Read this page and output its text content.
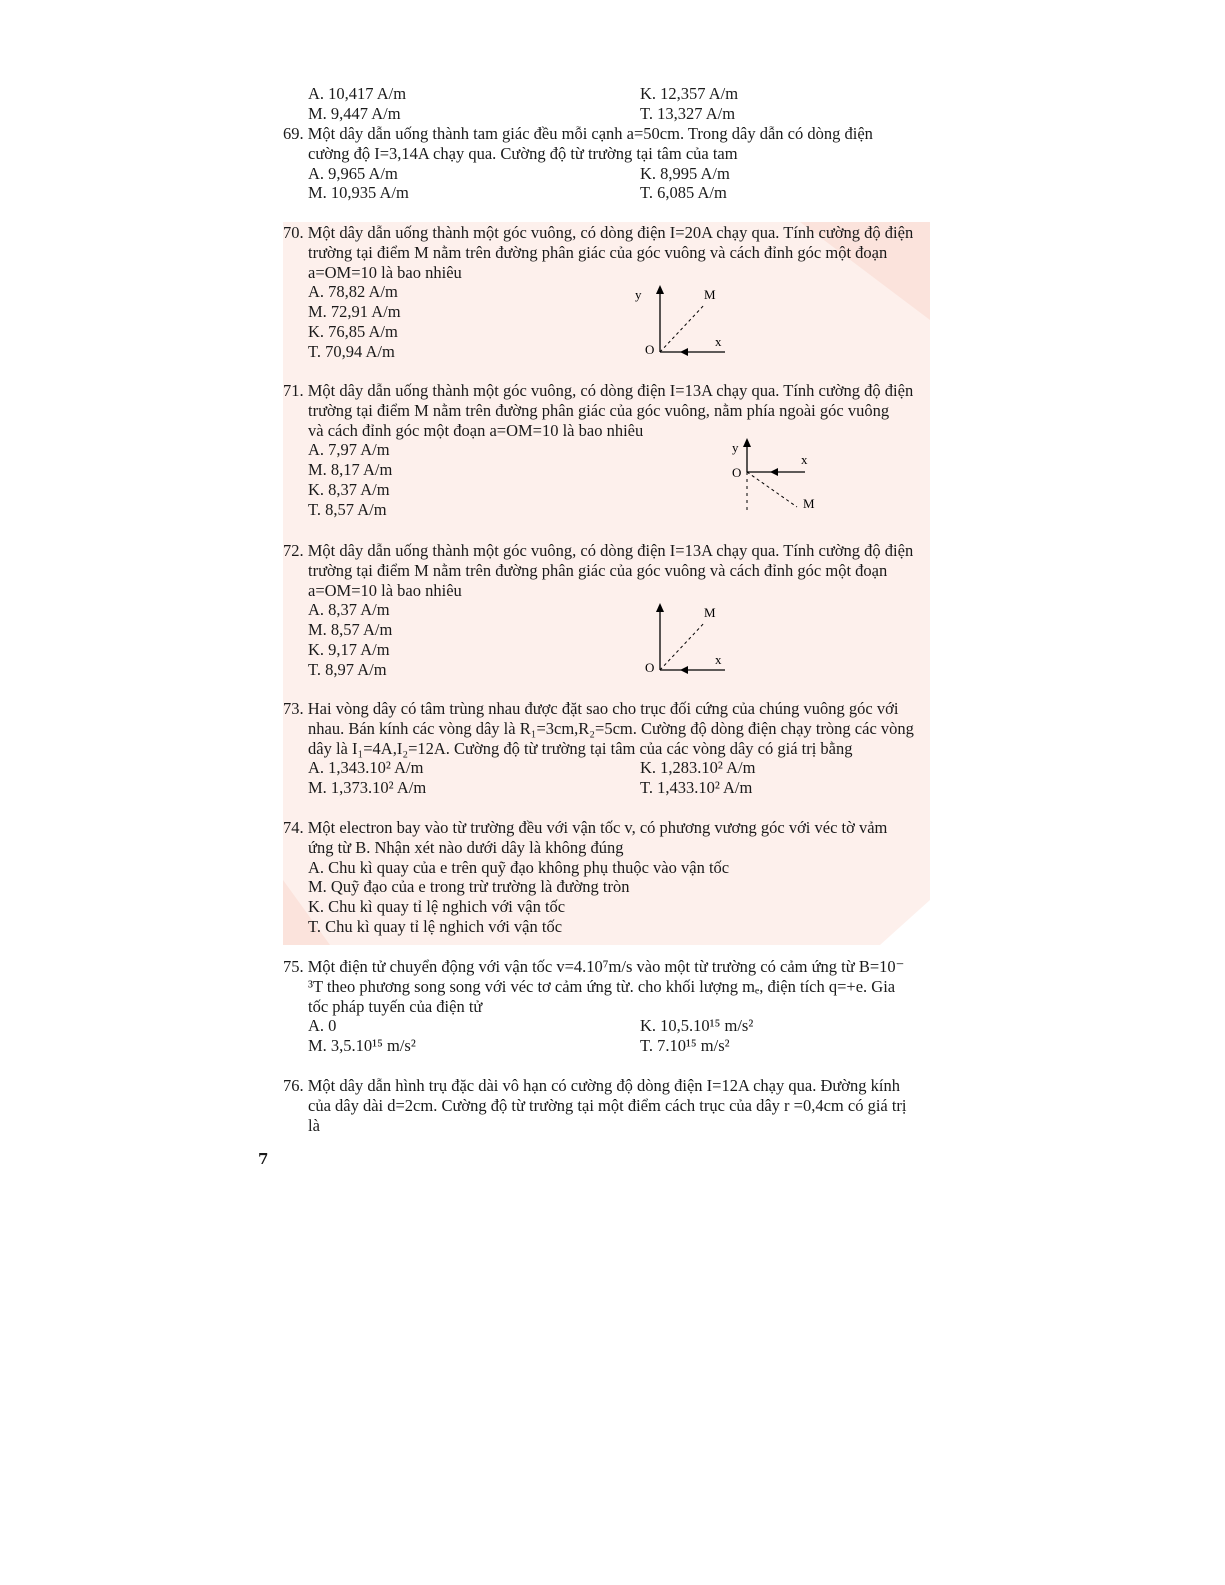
A. 10,417 A/m	K. 12,357 A/m
M. 9,447 A/m	T. 13,327 A/m
69. Một dây dẫn uống thành tam giác đều mỗi cạnh a=50cm. Trong dây dẫn có dòng điện
cường độ I=3,14A chạy qua. Cường độ từ trường tại tâm của tam
A. 9,965 A/m	K. 8,995 A/m
M. 10,935 A/m	T. 6,085 A/m
70. Một dây dẫn uống thành một góc vuông, có dòng điện I=20A chạy qua. Tính cường độ điện
trường tại điểm M nằm trên đường phân giác của góc vuông và cách đỉnh góc một đoạn
a=OM=10 là bao nhiêu
A. 78,82 A/m
M. 72,91 A/m
K. 76,85 A/m
T. 70,94 A/m
y	M
O
x
71. Một dây dẫn uống thành một góc vuông, có dòng điện I=13A chạy qua. Tính cường độ điện
trường tại điểm M nằm trên đường phân giác của góc vuông, nằm phía ngoài góc vuông
và cách đỉnh góc một đoạn a=OM=10 là bao nhiêu
A. 7,97 A/m
M. 8,17 A/m
K. 8,37 A/m
T. 8,57 A/m
y
O
x
M
72. Một dây dẫn uống thành một góc vuông, có dòng điện I=13A chạy qua. Tính cường độ điện
trường tại điểm M nằm trên đường phân giác của góc vuông và cách đỉnh góc một đoạn
a=OM=10 là bao nhiêu
A. 8,37 A/m
M. 8,57 A/m
K. 9,17 A/m
T. 8,97 A/m
M
O
x
73. Hai vòng dây có tâm trùng nhau được đặt sao cho trục đối cứng của chúng vuông góc với
nhau. Bán kính các vòng dây là R₁=3cm,R₂=5cm. Cường độ dòng điện chạy tròng các vòng
dây là I₁=4A,I₂=12A. Cường độ từ trường tại tâm của các vòng dây có giá trị bằng
A. 1,343.10² A/m	K. 1,283.10² A/m
M. 1,373.10² A/m	T. 1,433.10² A/m
74. Một electron bay vào từ trường đều với vận tốc v, có phương vương góc với véc tờ vảm
ứng từ B. Nhận xét nào dưới dây là không đúng
A. Chu kì quay của e trên quỹ đạo không phụ thuộc vào vận tốc
M. Quỹ đạo của e trong trừ trường là đường tròn
K. Chu kì quay tỉ lệ nghich với vận tốc
T. Chu kì quay tỉ lệ nghich với vận tốc
75. Một điện tử chuyển động với vận tốc v=4.10⁷m/s vào một từ trường có cảm ứng từ B=10⁻
³T theo phương song song với véc tơ cảm ứng từ. cho khối lượng mₑ, điện tích q=+e. Gia
tốc pháp tuyến của điện tử
A. 0	K. 10,5.10¹⁵ m/s²
M. 3,5.10¹⁵ m/s²	T. 7.10¹⁵ m/s²
76. Một dây dẫn hình trụ đặc dài vô hạn có cường độ dòng điện I=12A chạy qua. Đường kính
của dây dài d=2cm. Cường độ từ trường tại một điểm cách trục của dây r =0,4cm có giá trị
là
7
